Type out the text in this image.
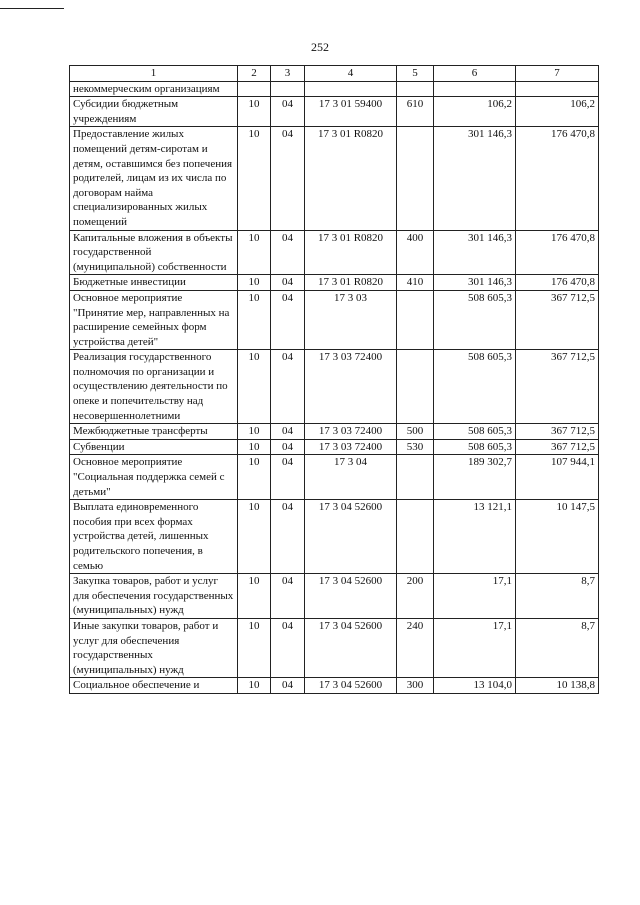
252
1	2	3	4	5	6	7
некоммерческим организациям						
Субсидии бюджетным учреждениям	10	04	17 3 01 59400	610	106,2	106,2
Предоставление жилых помещений детям-сиротам и детям, оставшимся без попечения родителей, лицам из их числа по договорам найма специализированных жилых помещений	10	04	17 3 01 R0820		301 146,3	176 470,8
Капитальные вложения в объекты государственной (муниципальной) собственности	10	04	17 3 01 R0820	400	301 146,3	176 470,8
Бюджетные инвестиции	10	04	17 3 01 R0820	410	301 146,3	176 470,8
Основное мероприятие "Принятие мер, направленных на расширение семейных форм устройства детей"	10	04	17 3 03		508 605,3	367 712,5
Реализация государственного полномочия по организации и осуществлению деятельности по опеке и попечительству над несовершеннолетними	10	04	17 3 03 72400		508 605,3	367 712,5
Межбюджетные трансферты	10	04	17 3 03 72400	500	508 605,3	367 712,5
Субвенции	10	04	17 3 03 72400	530	508 605,3	367 712,5
Основное мероприятие "Социальная поддержка семей с детьми"	10	04	17 3 04		189 302,7	107 944,1
Выплата единовременного пособия при всех формах устройства детей, лишенных родительского попечения, в семью	10	04	17 3 04 52600		13 121,1	10 147,5
Закупка товаров, работ и услуг для обеспечения государственных (муниципальных) нужд	10	04	17 3 04 52600	200	17,1	8,7
Иные закупки товаров, работ и услуг для обеспечения государственных (муниципальных) нужд	10	04	17 3 04 52600	240	17,1	8,7
Социальное обеспечение и	10	04	17 3 04 52600	300	13 104,0	10 138,8
